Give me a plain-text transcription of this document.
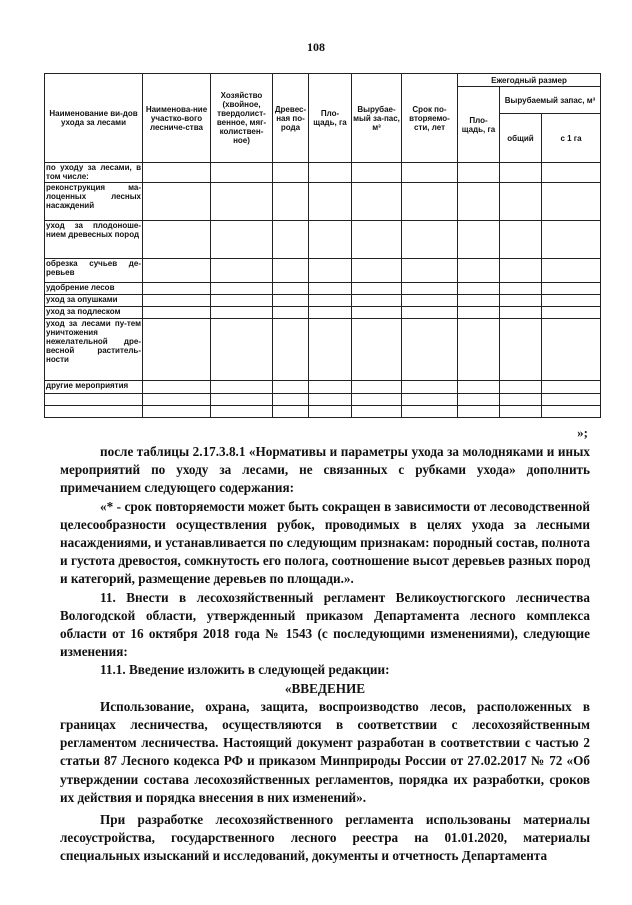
108
Наименование ви-дов ухода за лесами	Наименова-ние участко-вого лесниче-ства	Хозяйство (хвойное, твердолист-венное, мяг-колиствен-ное)	Древес-ная по-рода	Пло-щадь, га	Вырубае-мый за-пас, м³	Срок по-вторяемо-сти, лет	Ежегодный размер		
							Пло-щадь, га	Вырубаемый запас, м³	
								общий	с 1 га
по уходу за лесами, в том числе:									
реконструкция ма-лоценных лесных насаждений									
уход за плодоноше-нием древесных пород									
обрезка сучьев де-ревьев									
удобрение лесов									
уход за опушками									
уход за подлеском									
уход за лесами пу-тем уничтожения нежелательной дре-весной раститель-ности									
другие мероприятия									

»;

после таблицы 2.17.3.8.1 «Нормативы и параметры ухода за молодняками и иных мероприятий по уходу за лесами, не связанных с рубками ухода» дополнить примечанием следующего содержания:

«* - срок повторяемости может быть сокращен в зависимости от лесоводственной целесообразности осуществления рубок, проводимых в целях ухода за лесными насаждениями, и устанавливается по следующим признакам: породный состав, полнота и густота древостоя, сомкнутость его полога, соотношение высот деревьев разных пород и категорий, размещение деревьев по площади.».

11. Внести в лесохозяйственный регламент Великоустюгского лесничества Вологодской области, утвержденный приказом Департамента лесного комплекса области от 16 октября 2018 года № 1543 (с последующими изменениями), следующие изменения:

11.1. Введение изложить в следующей редакции:

«ВВЕДЕНИЕ

Использование, охрана, защита, воспроизводство лесов, расположенных в границах лесничества, осуществляются в соответствии с лесохозяйственным регламентом лесничества. Настоящий документ разработан в соответствии с частью 2 статьи 87 Лесного кодекса РФ и приказом Минприроды России от 27.02.2017 № 72 «Об утверждении состава лесохозяйственных регламентов, порядка их разработки, сроков их действия и порядка внесения в них изменений».

При разработке лесохозяйственного регламента использованы материалы лесоустройства, государственного лесного реестра на 01.01.2020, материалы специальных изысканий и исследований, документы и отчетность Департамента
